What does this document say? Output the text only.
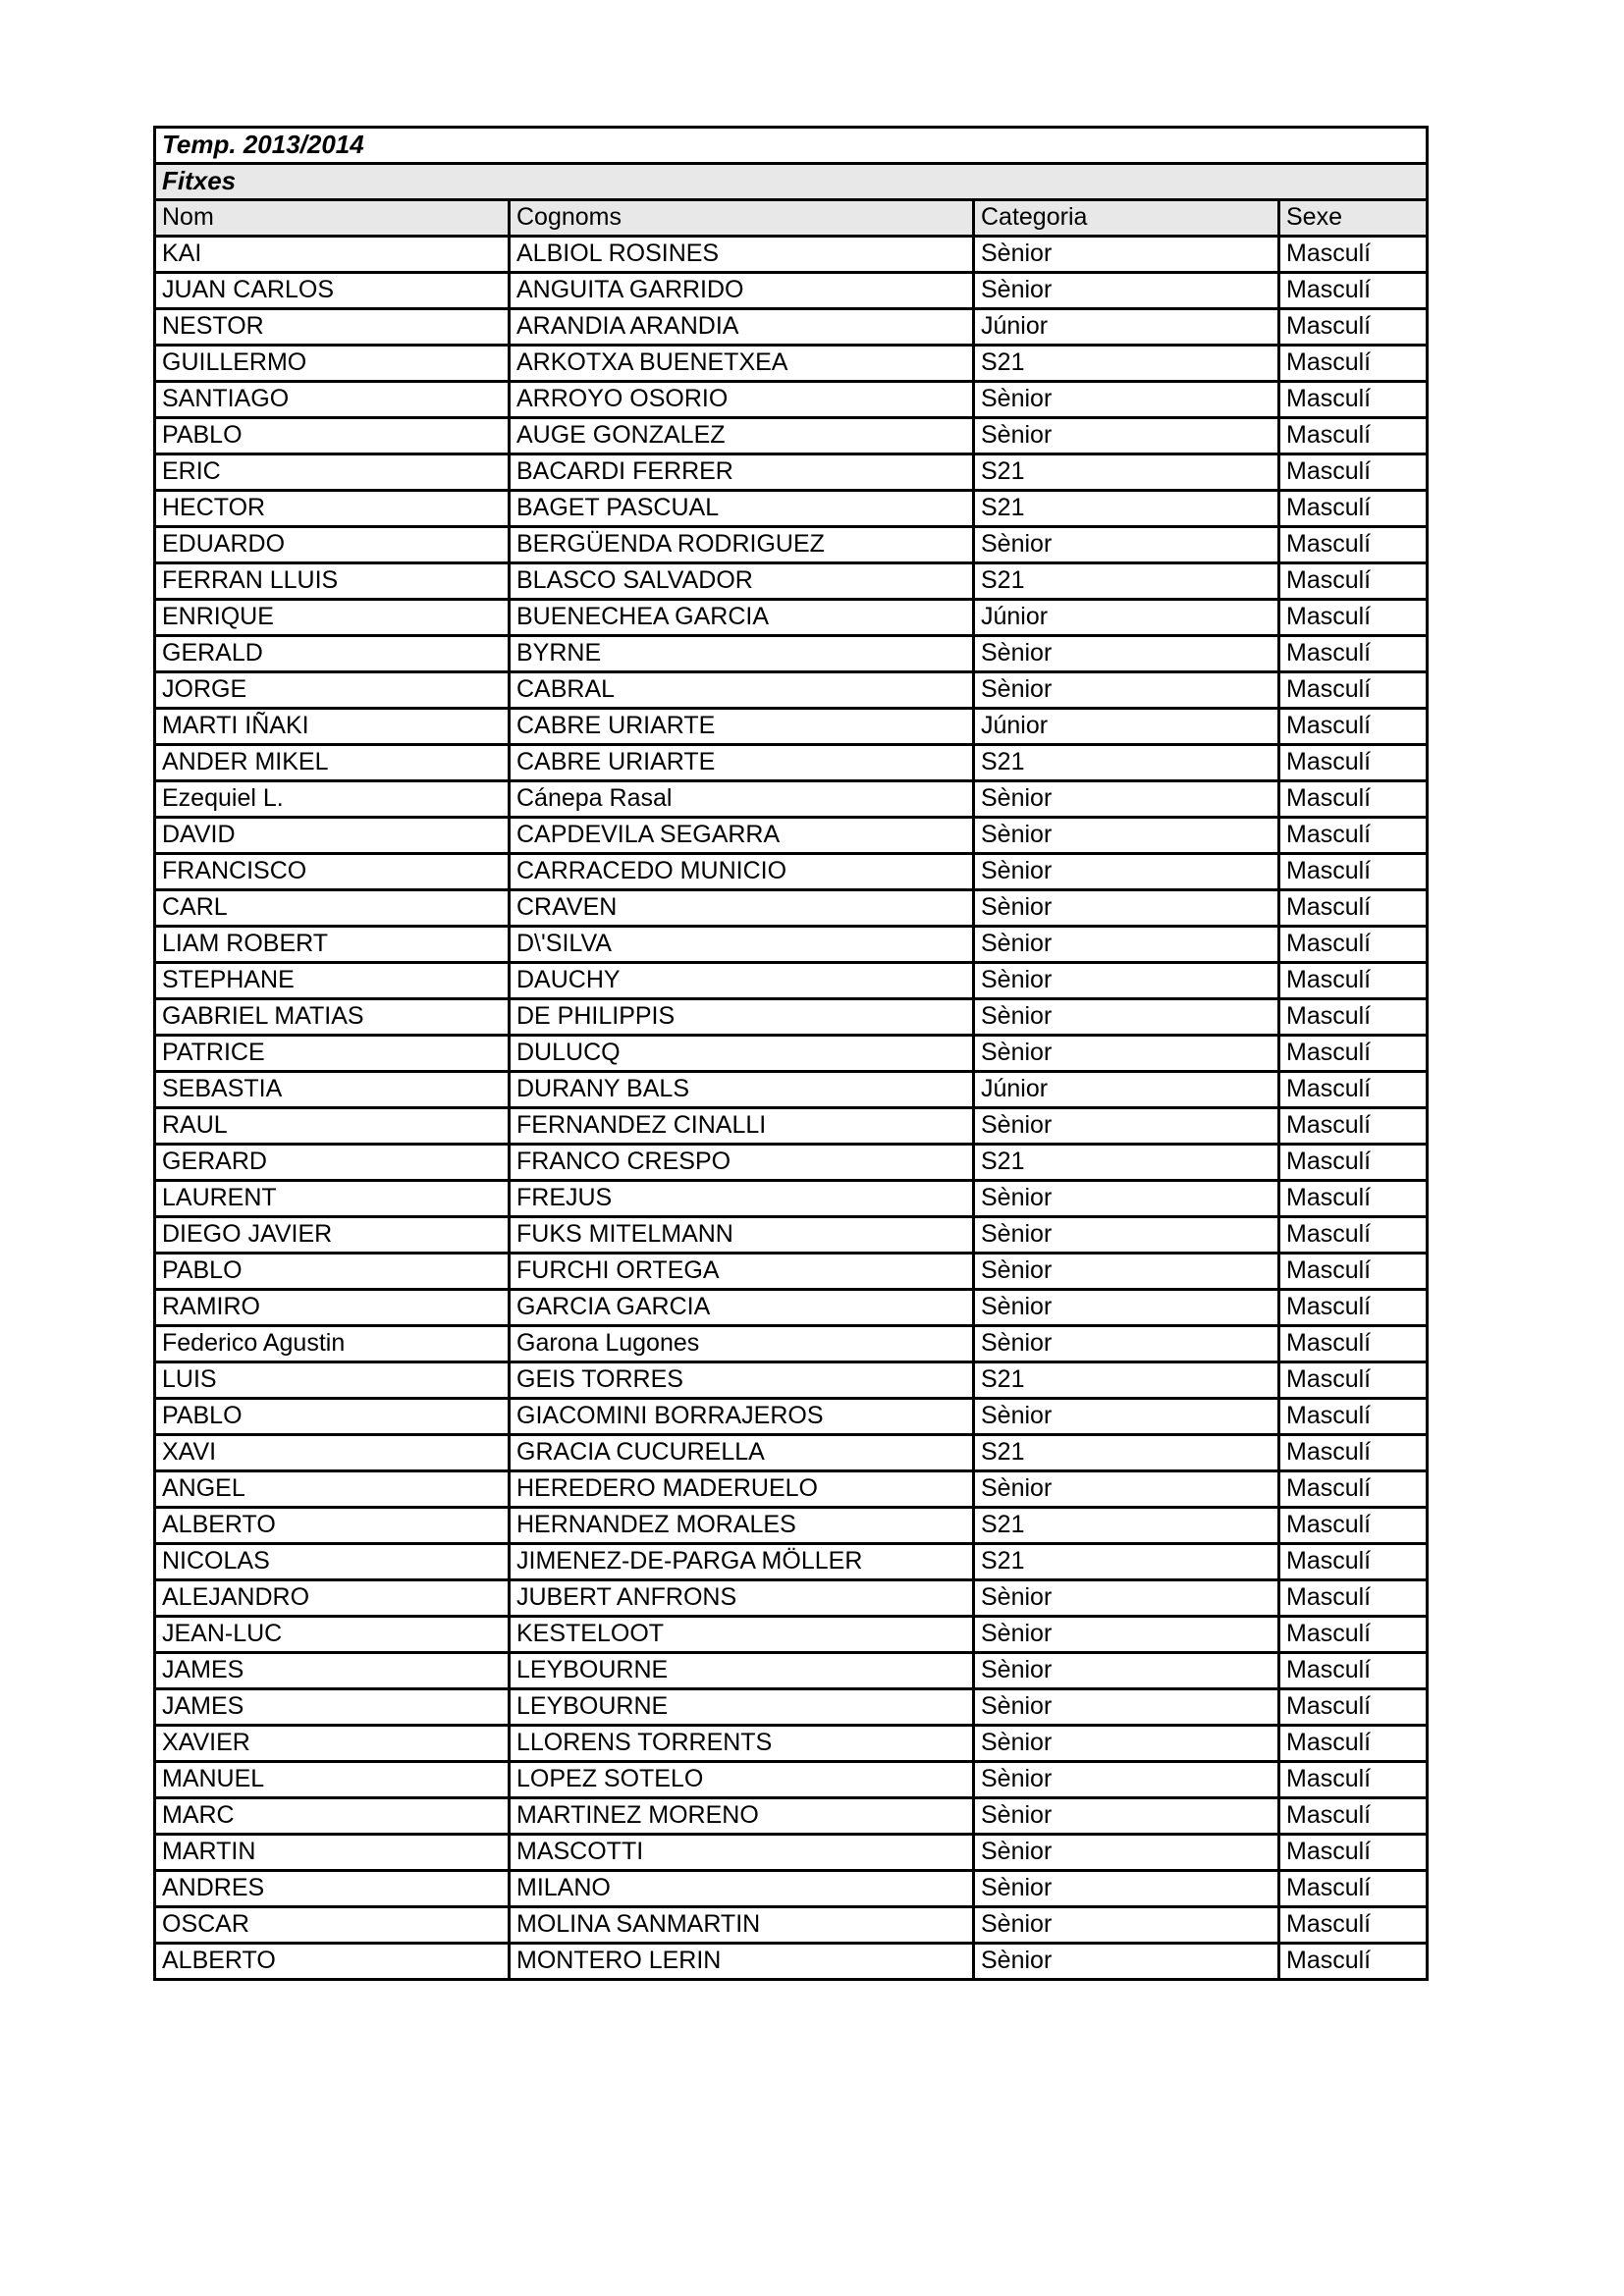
Temp. 2013/2014			
Fitxes			
Nom	Cognoms	Categoria	Sexe
KAI	ALBIOL ROSINES	Sènior	Masculí
JUAN CARLOS	ANGUITA GARRIDO	Sènior	Masculí
NESTOR	ARANDIA ARANDIA	Júnior	Masculí
GUILLERMO	ARKOTXA BUENETXEA	S21	Masculí
SANTIAGO	ARROYO OSORIO	Sènior	Masculí
PABLO	AUGE GONZALEZ	Sènior	Masculí
ERIC	BACARDI FERRER	S21	Masculí
HECTOR	BAGET PASCUAL	S21	Masculí
EDUARDO	BERGÜENDA RODRIGUEZ	Sènior	Masculí
FERRAN LLUIS	BLASCO SALVADOR	S21	Masculí
ENRIQUE	BUENECHEA GARCIA	Júnior	Masculí
GERALD	BYRNE	Sènior	Masculí
JORGE	CABRAL	Sènior	Masculí
MARTI IÑAKI	CABRE URIARTE	Júnior	Masculí
ANDER MIKEL	CABRE URIARTE	S21	Masculí
Ezequiel L.	Cánepa Rasal	Sènior	Masculí
DAVID	CAPDEVILA SEGARRA	Sènior	Masculí
FRANCISCO	CARRACEDO MUNICIO	Sènior	Masculí
CARL	CRAVEN	Sènior	Masculí
LIAM ROBERT	D\'SILVA	Sènior	Masculí
STEPHANE	DAUCHY	Sènior	Masculí
GABRIEL MATIAS	DE PHILIPPIS	Sènior	Masculí
PATRICE	DULUCQ	Sènior	Masculí
SEBASTIA	DURANY BALS	Júnior	Masculí
RAUL	FERNANDEZ CINALLI	Sènior	Masculí
GERARD	FRANCO CRESPO	S21	Masculí
LAURENT	FREJUS	Sènior	Masculí
DIEGO JAVIER	FUKS MITELMANN	Sènior	Masculí
PABLO	FURCHI ORTEGA	Sènior	Masculí
RAMIRO	GARCIA GARCIA	Sènior	Masculí
Federico Agustin	Garona Lugones	Sènior	Masculí
LUIS	GEIS TORRES	S21	Masculí
PABLO	GIACOMINI BORRAJEROS	Sènior	Masculí
XAVI	GRACIA CUCURELLA	S21	Masculí
ANGEL	HEREDERO MADERUELO	Sènior	Masculí
ALBERTO	HERNANDEZ MORALES	S21	Masculí
NICOLAS	JIMENEZ-DE-PARGA MÖLLER	S21	Masculí
ALEJANDRO	JUBERT ANFRONS	Sènior	Masculí
JEAN-LUC	KESTELOOT	Sènior	Masculí
JAMES	LEYBOURNE	Sènior	Masculí
JAMES	LEYBOURNE	Sènior	Masculí
XAVIER	LLORENS TORRENTS	Sènior	Masculí
MANUEL	LOPEZ SOTELO	Sènior	Masculí
MARC	MARTINEZ MORENO	Sènior	Masculí
MARTIN	MASCOTTI	Sènior	Masculí
ANDRES	MILANO	Sènior	Masculí
OSCAR	MOLINA SANMARTIN	Sènior	Masculí
ALBERTO	MONTERO LERIN	Sènior	Masculí
